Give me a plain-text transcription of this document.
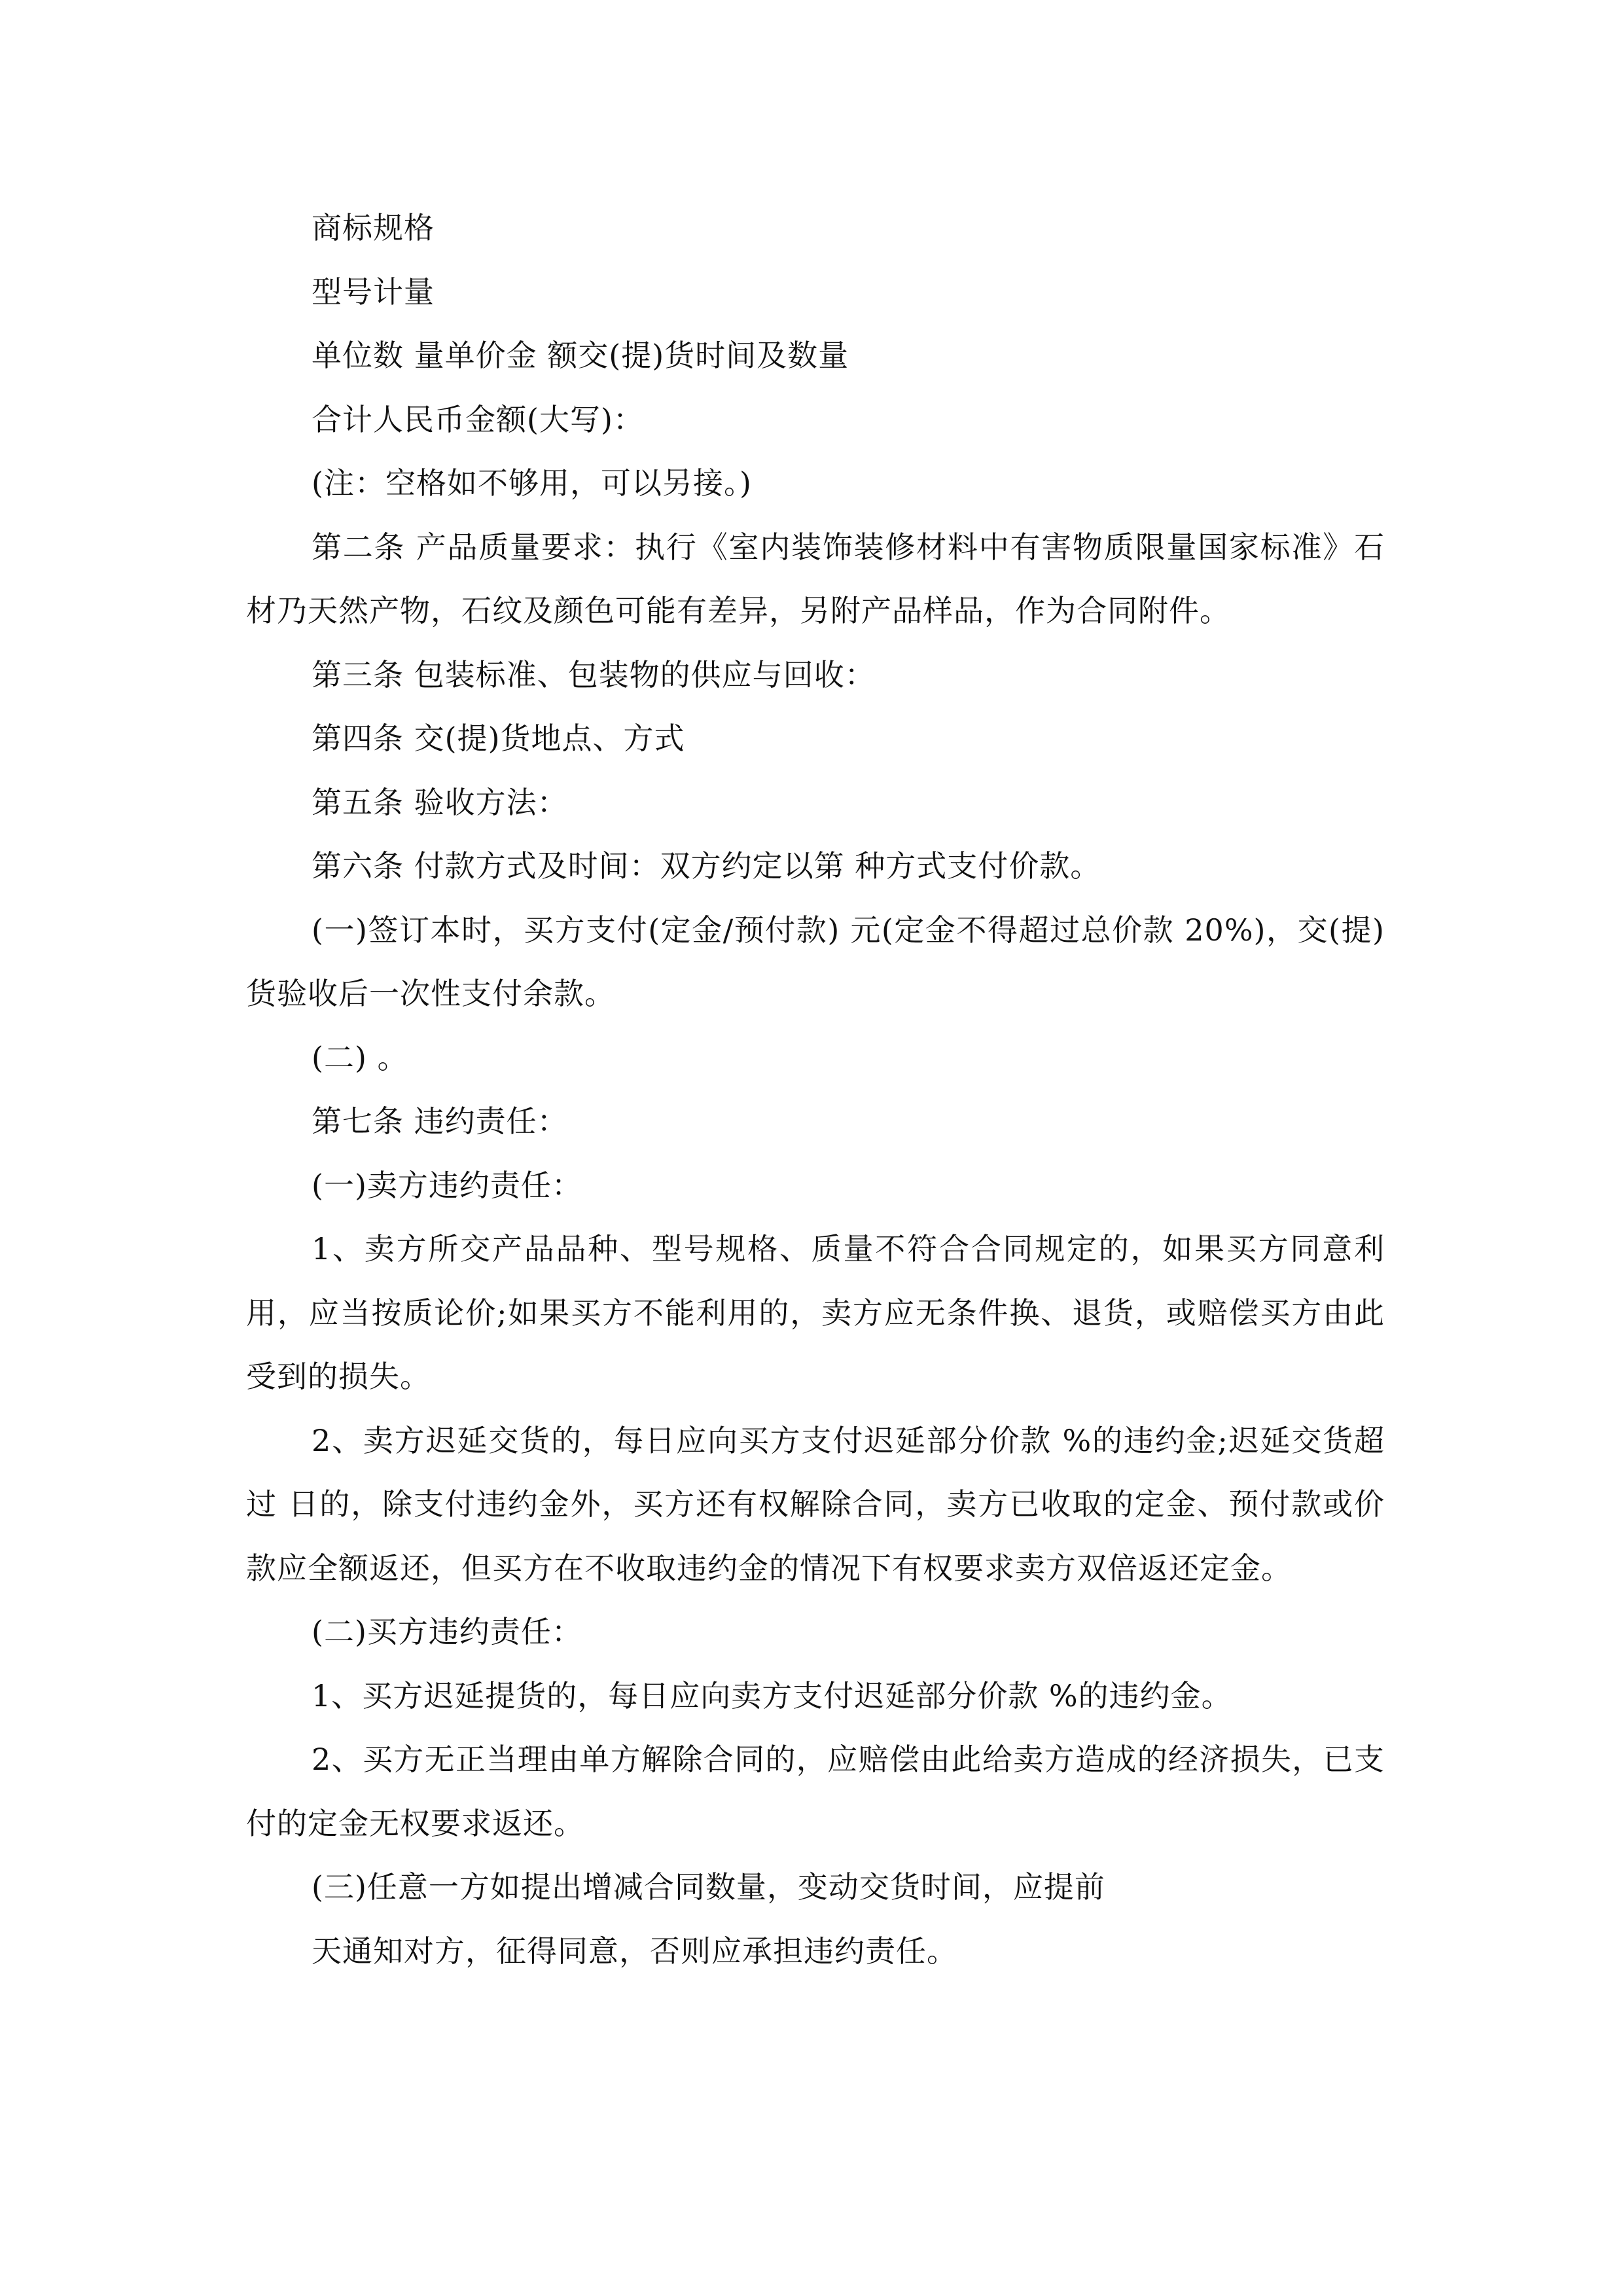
商标规格

型号计量

单位数 量单价金 额交(提)货时间及数量

合计人民币金额(大写)：

(注：空格如不够用，可以另接。)

第二条 产品质量要求：执行《室内装饰装修材料中有害物质限量国家标准》石材乃天然产物，石纹及颜色可能有差异，另附产品样品，作为合同附件。

第三条 包装标准、包装物的供应与回收：

第四条 交(提)货地点、方式

第五条 验收方法：

第六条 付款方式及时间：双方约定以第 种方式支付价款。

(一)签订本时，买方支付(定金/预付款) 元(定金不得超过总价款 20%)，交(提)货验收后一次性支付余款。

(二) 。

第七条 违约责任：

(一)卖方违约责任：

1、卖方所交产品品种、型号规格、质量不符合合同规定的，如果买方同意利用，应当按质论价;如果买方不能利用的，卖方应无条件换、退货，或赔偿买方由此受到的损失。

2、卖方迟延交货的，每日应向买方支付迟延部分价款 %的违约金;迟延交货超过 日的，除支付违约金外，买方还有权解除合同，卖方已收取的定金、预付款或价款应全额返还，但买方在不收取违约金的情况下有权要求卖方双倍返还定金。

(二)买方违约责任：

1、买方迟延提货的，每日应向卖方支付迟延部分价款 %的违约金。

2、买方无正当理由单方解除合同的，应赔偿由此给卖方造成的经济损失，已支付的定金无权要求返还。

(三)任意一方如提出增减合同数量，变动交货时间，应提前

天通知对方，征得同意，否则应承担违约责任。
